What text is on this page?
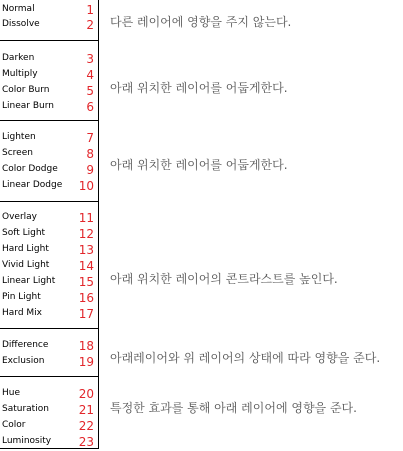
Normal	1
Dissolve	2
Darken	3
Multiply	4
Color Burn	5
Linear Burn	6
Lighten	7
Screen	8
Color Dodge 9
Linear Dodge 10
Overlay	11
Soft Light	12
Hard Light 13
Vivid Light 14
Linear Light 15
Pin Light	16
Hard Mix	17
Difference	18
Exclusion	19
Hue	20
Saturation 21
Color	22
Luminosity 23
다른 레이어에 영향을 주지 않는다.
아래 위치한 레이어를 어둡게한다.
아래 위치한 레이어를 어둡게한다.
아래 위치한 레이어의 콘트라스트를 높인다.
아래레이어와 위 레이어의 상태에 따라 영향을 준다.
특정한 효과를 통해 아래 레이어에 영향을 준다.
